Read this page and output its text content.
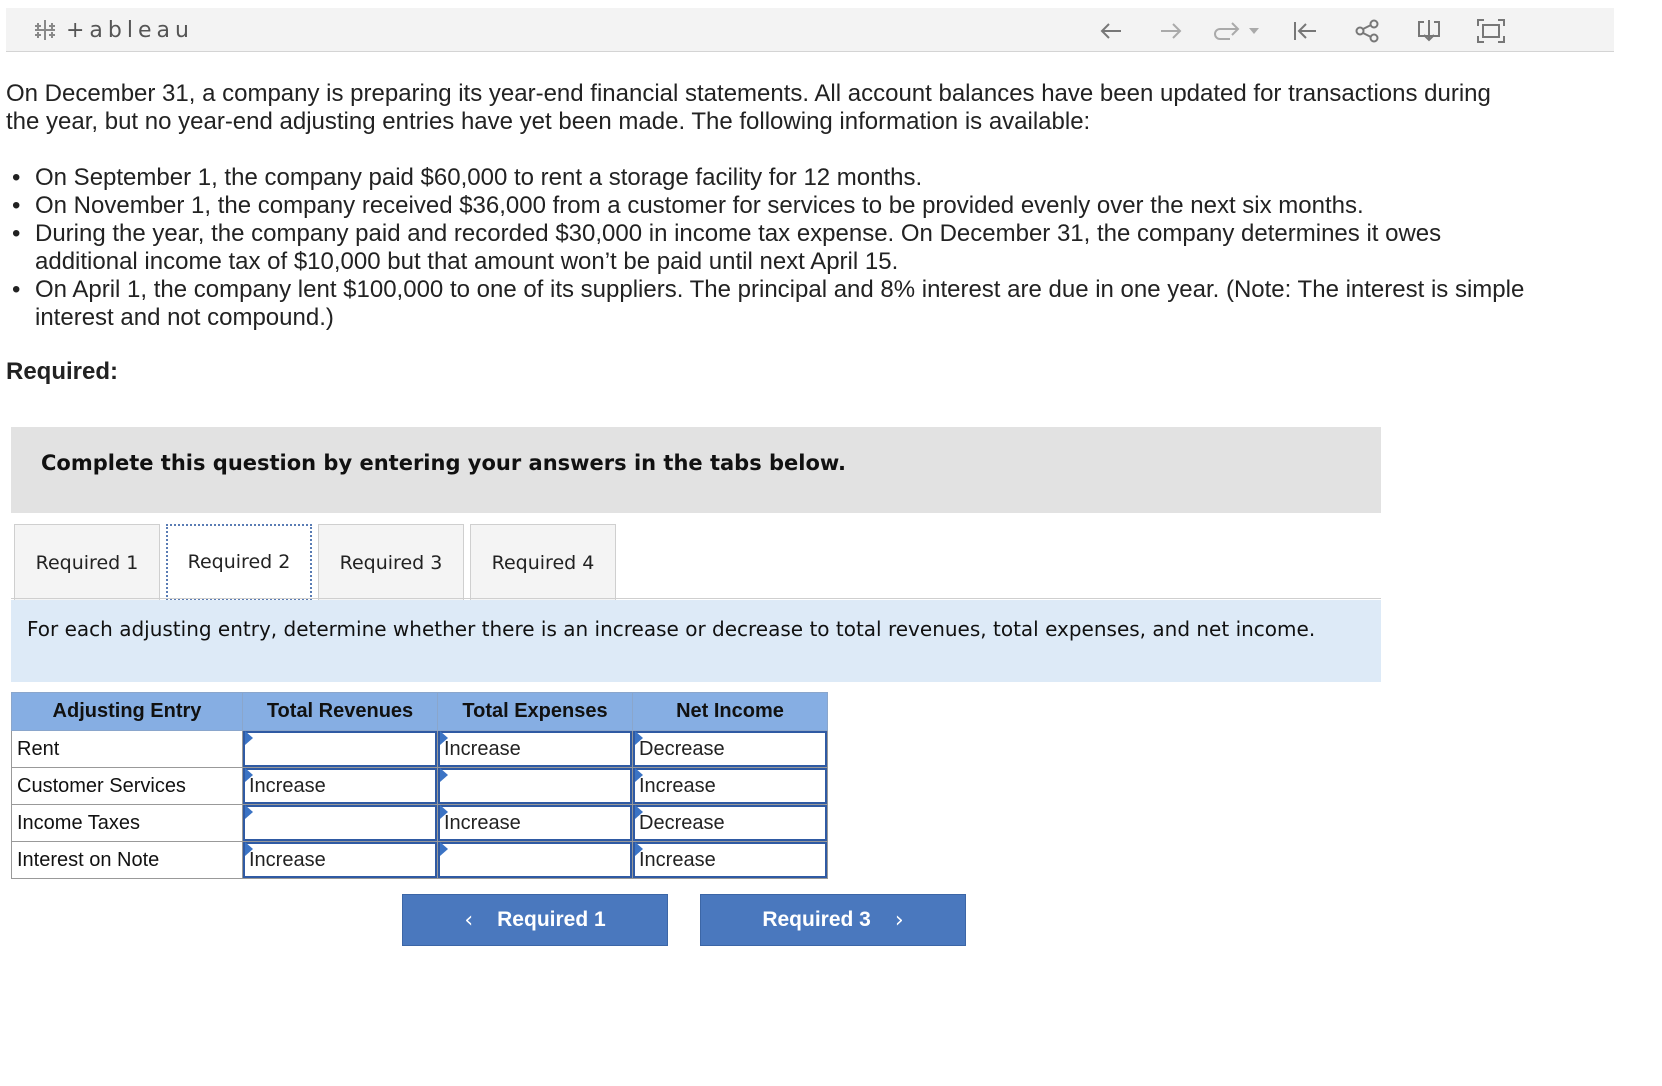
+ableau

On December 31, a company is preparing its year-end financial statements. All account balances have been updated for transactions during the year, but no year-end adjusting entries have yet been made. The following information is available:

• On September 1, the company paid $60,000 to rent a storage facility for 12 months.
• On November 1, the company received $36,000 from a customer for services to be provided evenly over the next six months.
• During the year, the company paid and recorded $30,000 in income tax expense. On December 31, the company determines it owes additional income tax of $10,000 but that amount won’t be paid until next April 15.
• On April 1, the company lent $100,000 to one of its suppliers. The principal and 8% interest are due in one year. (Note: The interest is simple interest and not compound.)
Required:
Complete this question by entering your answers in the tabs below.
Required 1	Required 2	Required 3	Required 4
For each adjusting entry, determine whether there is an increase or decrease to total revenues, total expenses, and net income.
Adjusting Entry	Total Revenues	Total Expenses	Net Income
Rent		Increase	Decrease

Customer Services	Increase		Increase

Income Taxes		Increase	Decrease

Interest on Note	Increase		Increase
‹ Required 1	Required 3 ›
